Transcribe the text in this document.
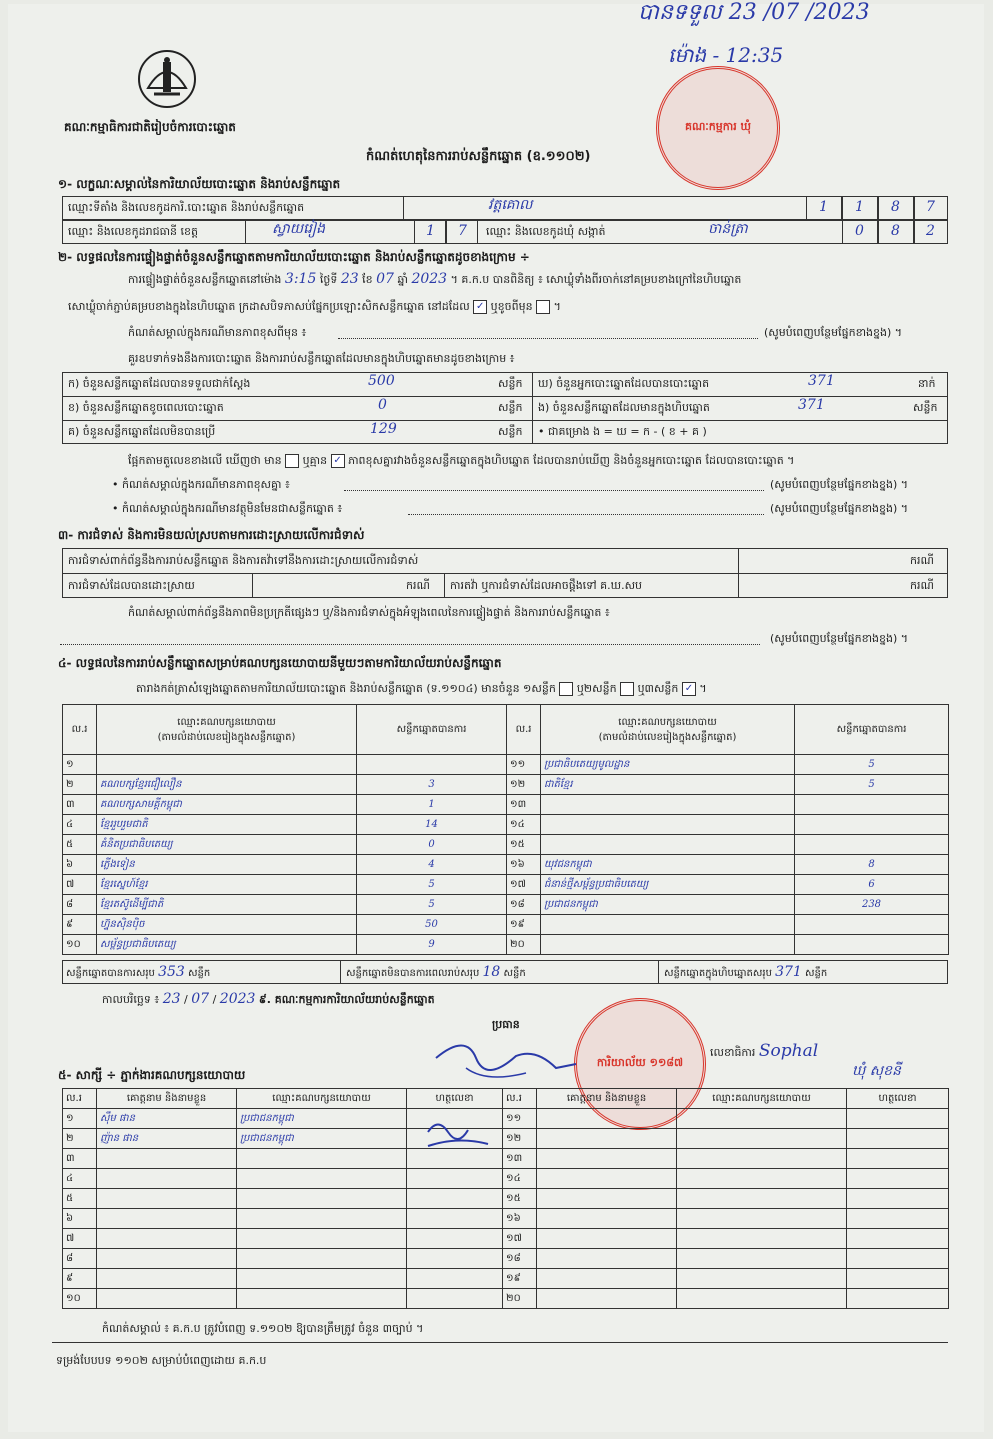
គណៈកម្មាធិការជាតិរៀបចំការបោះឆ្នោត
បានទទួល 23 /07 /2023
ម៉ោង - 12:35
គណៈកម្មការ ឃុំ
កំណត់ហេតុនៃការរាប់សន្លឹកឆ្នោត (ឧ.១១០២)
១- លក្ខណៈសម្គាល់នៃការិយាល័យបោះឆ្នោត និងរាប់សន្លឹកឆ្នោត
ឈ្មោះទីតាំង និងលេខកូដការិ.បោះឆ្នោត និងរាប់សន្លឹកឆ្នោត	វត្តគោល	1 1 8 7
ឈ្មោះ និងលេខកូដរាជធានី ខេត្ត	ស្វាយរៀង	1 7 ឈ្មោះ និងលេខកូដឃុំ សង្កាត់	ចាន់ត្រា	0 8 2
២- លទ្ធផលនៃការផ្ទៀងផ្ទាត់ចំនួនសន្លឹកឆ្នោតតាមការិយាល័យបោះឆ្នោត និងរាប់សន្លឹកឆ្នោតដូចខាងក្រោម ÷
ការផ្ទៀងផ្ទាត់ចំនួនសន្លឹកឆ្នោតនៅម៉ោង 3:15 ថ្ងៃទី 23 ខែ 07 ឆ្នាំ 2023 ។ គ.ក.ប បានពិនិត្យ ៖ សោឃ្លុំទាំងពីរចាក់នៅគម្របខាងក្រៅនៃហិបឆ្នោត
សោឃ្លុំចាក់ភ្ជាប់គម្របខាងក្នុងនៃហិបឆ្នោត ក្រដាសបិទភាសប់ផ្នែកប្រឡោះសិកសន្លឹកឆ្នោត នៅដដែល ✓ ឬខូចពីមុន  ។
កំណត់សម្គាល់ក្នុងករណីមានភាពខុសពីមុន ៖	(សូមបំពេញបន្ថែមផ្នែកខាងខ្នង) ។
គួរឧបទាក់ទងនឹងការបោះឆ្នោត និងការរាប់សន្លឹកឆ្នោតដែលមានក្នុងហិបឆ្នោតមានដូចខាងក្រោម ៖
ក) ចំនួនសន្លឹកឆ្នោតដែលបានទទួលជាក់ស្តែង	500	សន្លឹក ឃ) ចំនួនអ្នកបោះឆ្នោតដែលបានបោះឆ្នោត	371	នាក់
ខ) ចំនួនសន្លឹកឆ្នោតខូចពេលបោះឆ្នោត	0	សន្លឹក ង) ចំនួនសន្លឹកឆ្នោតដែលមានក្នុងហិបឆ្នោត	371	សន្លឹក
គ) ចំនួនសន្លឹកឆ្នោតដែលមិនបានប្រើ	129	សន្លឹក • ជាគម្រោង ង = ឃ = ក - ( ខ + គ )
ផ្អែកតាមតួលេខខាងលើ ឃើញថា មាន ឬគ្មាន ✓ ភាពខុសគ្នារវាងចំនួនសន្លឹកឆ្នោតក្នុងហិបឆ្នោត ដែលបានរាប់ឃើញ និងចំនួនអ្នកបោះឆ្នោត ដែលបានបោះឆ្នោត ។
• កំណត់សម្គាល់ក្នុងករណីមានភាពខុសគ្នា ៖	(សូមបំពេញបន្ថែមផ្នែកខាងខ្នង) ។
• កំណត់សម្គាល់ក្នុងករណីមានវត្ថុមិនមែនជាសន្លឹកឆ្នោត ៖	(សូមបំពេញបន្ថែមផ្នែកខាងខ្នង) ។
៣- ការជំទាស់ និងការមិនយល់ស្របតាមការដោះស្រាយលើការជំទាស់
ការជំទាស់ពាក់ព័ន្ធនឹងការរាប់សន្លឹកឆ្នោត និងការតវ៉ាទៅនឹងការដោះស្រាយលើការជំទាស់	ករណី
ការជំទាស់ដែលបានដោះស្រាយ	ករណី ការតវ៉ា ឬការជំទាស់ដែលអាចផ្តឹងទៅ គ.ឃ.សប	ករណី
កំណត់សម្គាល់ពាក់ព័ន្ធនឹងភាពមិនប្រក្រតីផ្សេងៗ ឬ/និងការជំទាស់ក្នុងអំឡុងពេលនៃការផ្ទៀងផ្ទាត់ និងការរាប់សន្លឹកឆ្នោត ៖
(សូមបំពេញបន្ថែមផ្នែកខាងខ្នង) ។
៤- លទ្ធផលនៃការរាប់សន្លឹកឆ្នោតសម្រាប់គណបក្សនយោបាយនីមួយៗតាមការិយាល័យរាប់សន្លឹកឆ្នោត
តារាងកត់ត្រាសំឡេងឆ្នោតតាមការិយាល័យបោះឆ្នោត និងរាប់សន្លឹកឆ្នោត (ទ.១១០៤) មានចំនួន ១សន្លឹក ឬ២សន្លឹក ឬ៣សន្លឹក ✓ ។
ល.រ	ឈ្មោះគណបក្សនយោបាយ
(តាមលំដាប់លេខរៀងក្នុងសន្លឹកឆ្នោត)	សន្លឹកឆ្នោតបានការ	ល.រ	ឈ្មោះគណបក្សនយោបាយ
(តាមលំដាប់លេខរៀងក្នុងសន្លឹកឆ្នោត)	សន្លឹកឆ្នោតបានការ
១			១១	ប្រជាធិបតេយ្យមូលដ្ឋាន	5
២	គណបក្សខ្មែរជឿលឿន	3	១២	ជាតិខ្មែរ	5
៣	គណបក្សសាមគ្គីកម្ពុជា	1	១៣		
៤	ខ្មែររួបរួមជាតិ	14	១៤		
៥	គំនិតប្រជាធិបតេយ្យ	0	១៥		
៦	ភ្លើងទៀន	4	១៦	យុវជនកម្ពុជា	8
៧	ខ្មែរស្នេហ៍ខ្មែរ	5	១៧	ជំនាន់ថ្មីសម្ព័ន្ធប្រជាធិបតេយ្យ	6
៨	ខ្មែរតស៊ូដើម្បីជាតិ	5	១៨	ប្រជាជនកម្ពុជា	238
៩	ហ្វ៊ុនស៊ិនប៉ិច	50	១៩		
១០	សម្ព័ន្ធប្រជាធិបតេយ្យ	9	២០		
សន្លឹកឆ្នោតបានការសរុប 353 សន្លឹក	សន្លឹកឆ្នោតមិនបានការពេលរាប់សរុប 18 សន្លឹក	សន្លឹកឆ្នោតក្នុងហិបឆ្នោតសរុប 371 សន្លឹក
កាលបរិច្ឆេទ ៖ 23 / 07 / 2023 ៩. គណៈកម្មការការិយាល័យរាប់សន្លឹកឆ្នោត
ប្រធាន
ការិយាល័យ ១១៨៧
លេខាធិការ Sophal
ឃុំ សុខនី
៥- សាក្សី ÷ ភ្នាក់ងារគណបក្សនយោបាយ
ល.រ	គោត្តនាម និងនាមខ្លួន	ឈ្មោះគណបក្សនយោបាយ	ហត្ថលេខា	ល.រ	គោត្តនាម និងនាមខ្លួន	ឈ្មោះគណបក្សនយោបាយ	ហត្ថលេខា
១	ស៊ឹម ផាន	ប្រជាជនកម្ពុជា		១១			
២	ញ៉ាន ផាន	ប្រជាជនកម្ពុជា		១២			
៣				១៣			
៤				១៤			
៥				១៥			
៦				១៦			
៧				១៧			
៨				១៨			
៩				១៩			
១០				២០			
កំណត់សម្គាល់ ៖ គ.ក.ប ត្រូវបំពេញ ទ.១១០២ ឱ្យបានត្រឹមត្រូវ ចំនួន ៣ច្បាប់ ។
ទម្រង់បែបបទ ១១០២ សម្រាប់បំពេញដោយ គ.ក.ប
